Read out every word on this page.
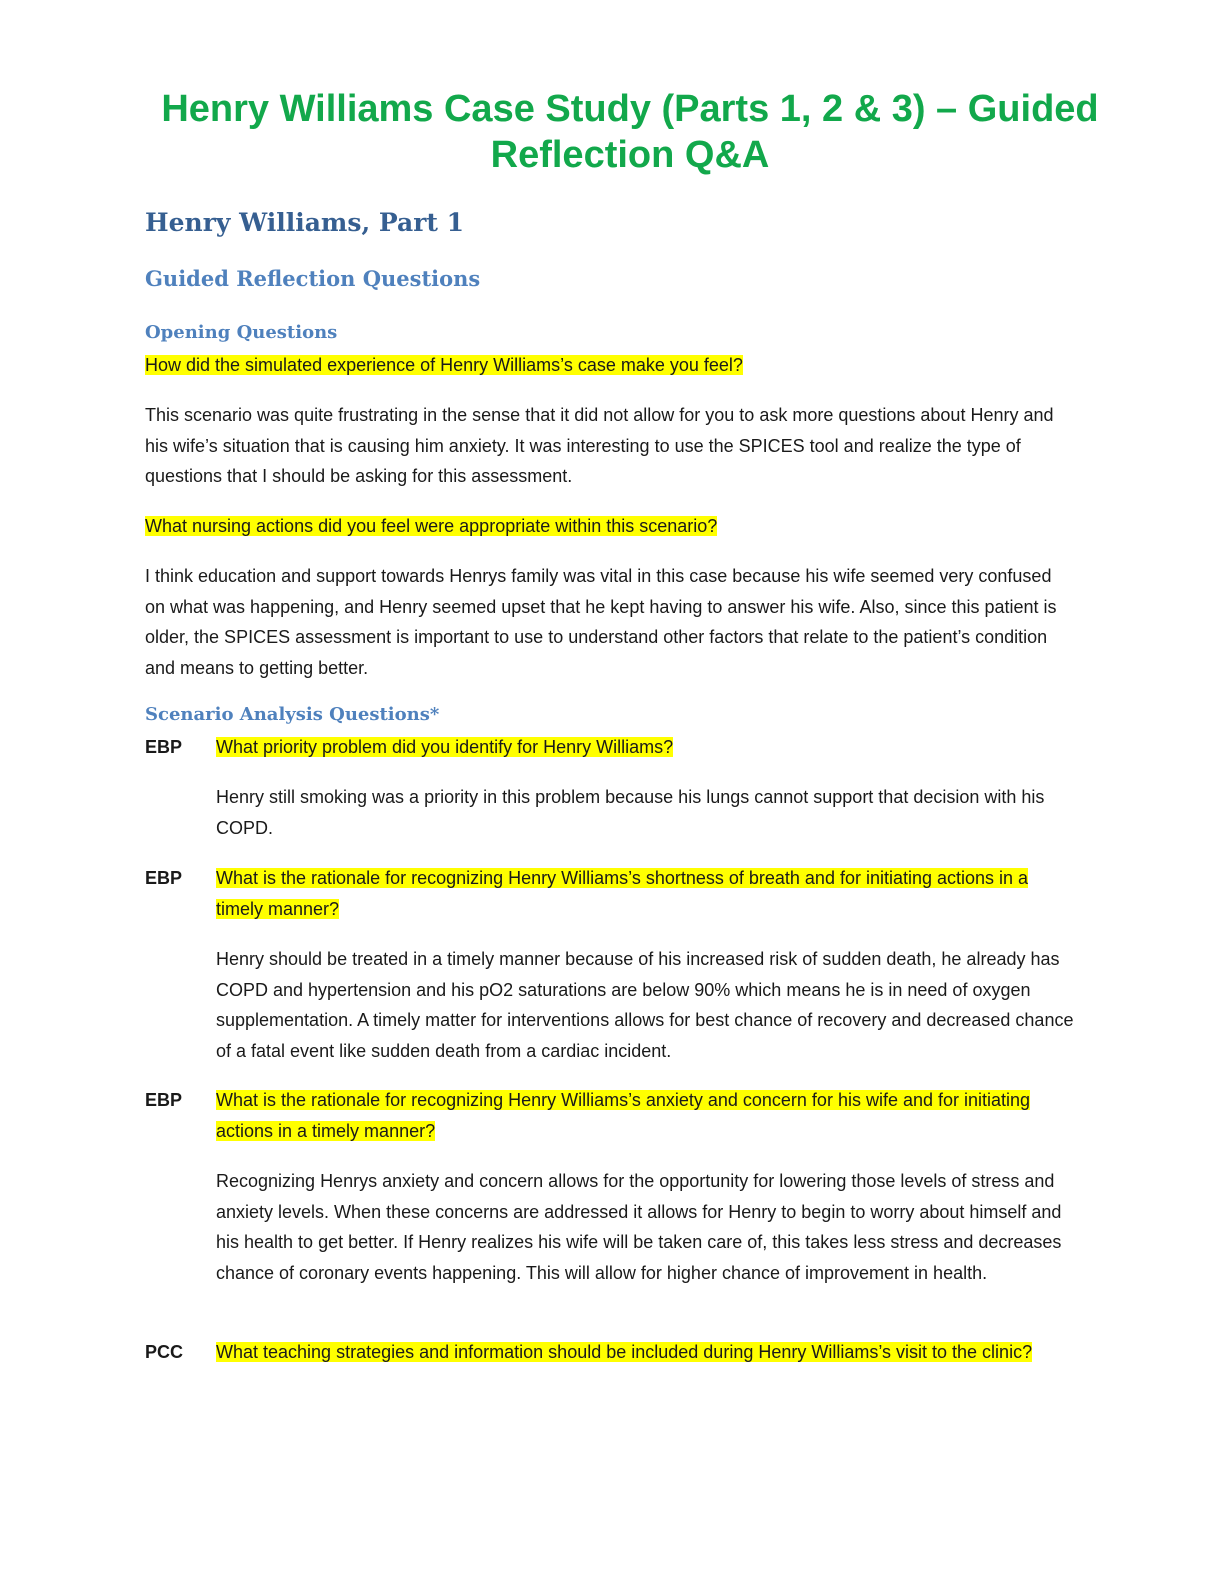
Henry Williams Case Study (Parts 1, 2 & 3) – Guided Reflection Q&A
Henry Williams, Part 1
Guided Reflection Questions
Opening Questions

How did the simulated experience of Henry Williams’s case make you feel?

This scenario was quite frustrating in the sense that it did not allow for you to ask more questions about Henry and his wife’s situation that is causing him anxiety. It was interesting to use the SPICES tool and realize the type of questions that I should be asking for this assessment.

What nursing actions did you feel were appropriate within this scenario?

I think education and support towards Henrys family was vital in this case because his wife seemed very confused on what was happening, and Henry seemed upset that he kept having to answer his wife. Also, since this patient is older, the SPICES assessment is important to use to understand other factors that relate to the patient’s condition and means to getting better.

Scenario Analysis Questions*

EBP What priority problem did you identify for Henry Williams?

Henry still smoking was a priority in this problem because his lungs cannot support that decision with his COPD.

EBP What is the rationale for recognizing Henry Williams’s shortness of breath and for initiating actions in a timely manner?

Henry should be treated in a timely manner because of his increased risk of sudden death, he already has COPD and hypertension and his pO2 saturations are below 90% which means he is in need of oxygen supplementation. A timely matter for interventions allows for best chance of recovery and decreased chance of a fatal event like sudden death from a cardiac incident.

EBP What is the rationale for recognizing Henry Williams’s anxiety and concern for his wife and for initiating actions in a timely manner?

Recognizing Henrys anxiety and concern allows for the opportunity for lowering those levels of stress and anxiety levels. When these concerns are addressed it allows for Henry to begin to worry about himself and his health to get better. If Henry realizes his wife will be taken care of, this takes less stress and decreases chance of coronary events happening. This will allow for higher chance of improvement in health.

PCC What teaching strategies and information should be included during Henry Williams’s visit to the clinic?
